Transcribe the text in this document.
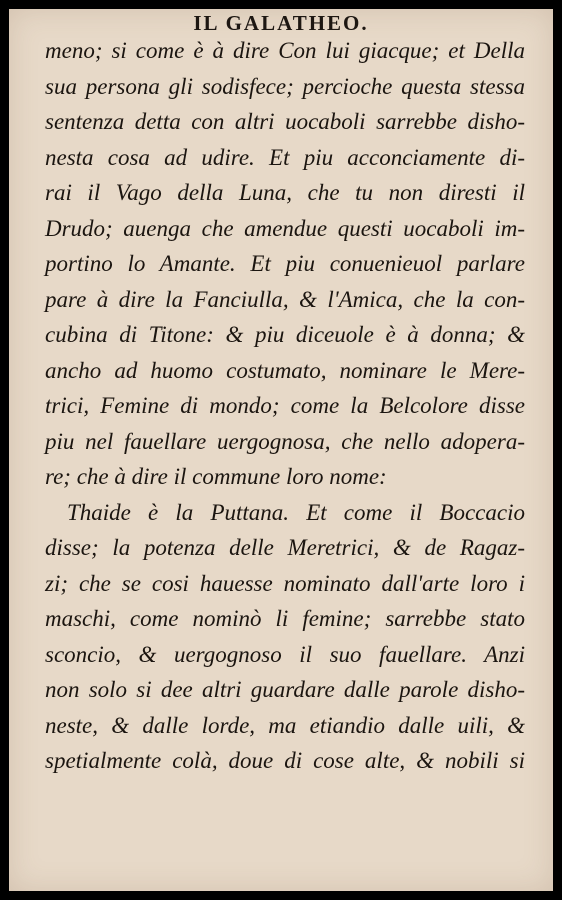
IL GALATHEO.
meno; si come è à dire Con lui giacque; et Della
sua persona gli sodisfece; percioche questa stessa
sentenza detta con altri uocaboli sarrebbe disho-
nesta cosa ad udire. Et piu acconciamente di-
rai il Vago della Luna, che tu non diresti il
Drudo; auenga che amendue questi uocaboli im-
portino lo Amante. Et piu conuenieuol parlare
pare à dire la Fanciulla, & l'Amica, che la con-
cubina di Titone: & piu diceuole è à donna; &
ancho ad huomo costumato, nominare le Mere-
trici, Femine di mondo; come la Belcolore disse
piu nel fauellare uergognosa, che nello adopera-
re; che à dire il commune loro nome:
Thaide è la Puttana. Et come il Boccacio
disse; la potenza delle Meretrici, & de Ragaz-
zi; che se cosi hauesse nominato dall'arte loro i
maschi, come nominò li femine; sarrebbe stato
sconcio, & uergognoso il suo fauellare. Anzi
non solo si dee altri guardare dalle parole disho-
neste, & dalle lorde, ma etiandio dalle uili, &
spetialmente colà, doue di cose alte, & nobili si
